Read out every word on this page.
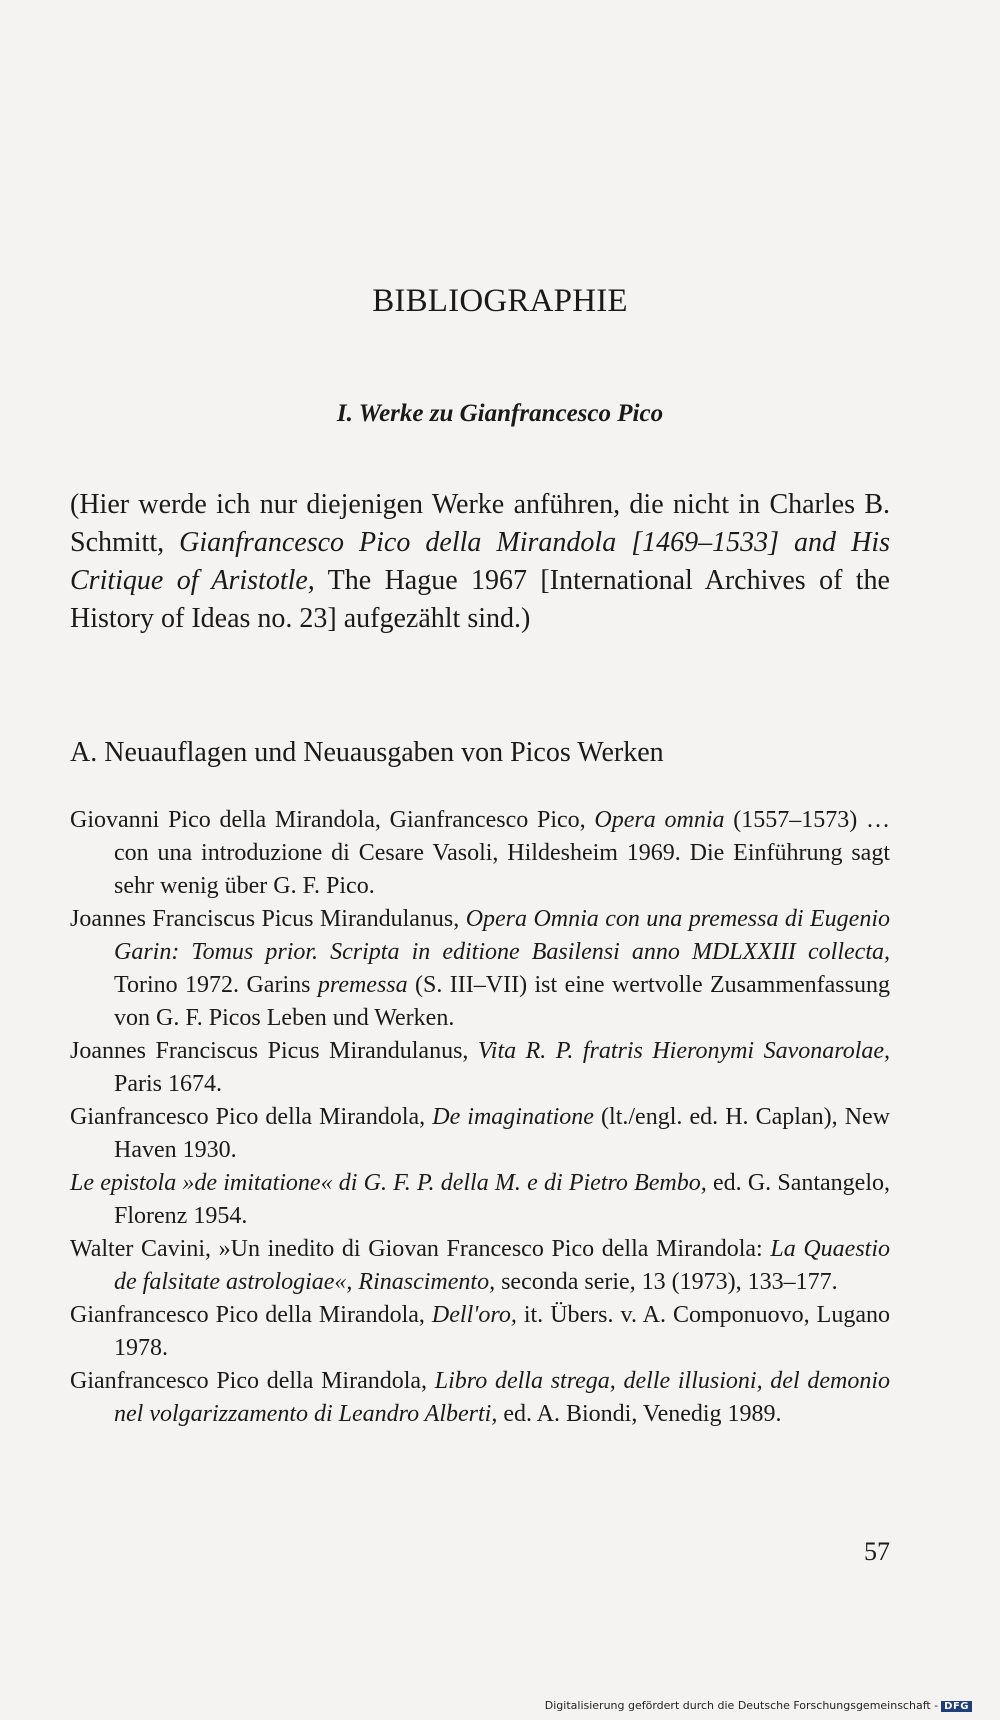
BIBLIOGRAPHIE
I. Werke zu Gianfrancesco Pico

(Hier werde ich nur diejenigen Werke anführen, die nicht in Charles B. Schmitt, Gianfrancesco Pico della Mirandola [1469–1533] and His Critique of Aristotle, The Hague 1967 [International Archives of the History of Ideas no. 23] aufgezählt sind.)

A. Neuauflagen und Neuausgaben von Picos Werken
Giovanni Pico della Mirandola, Gianfrancesco Pico, Opera omnia (1557–1573) … con una introduzione di Cesare Vasoli, Hildesheim 1969. Die Einführung sagt sehr wenig über G. F. Pico.
Joannes Franciscus Picus Mirandulanus, Opera Omnia con una premessa di Eugenio Garin: Tomus prior. Scripta in editione Basilensi anno MDLXXIII collecta, Torino 1972. Garins premessa (S. III–VII) ist eine wertvolle Zusammenfassung von G. F. Picos Leben und Werken.
Joannes Franciscus Picus Mirandulanus, Vita R. P. fratris Hieronymi Savonarolae, Paris 1674.
Gianfrancesco Pico della Mirandola, De imaginatione (lt./engl. ed. H. Caplan), New Haven 1930.
Le epistola »de imitatione« di G. F. P. della M. e di Pietro Bembo, ed. G. Santangelo, Florenz 1954.
Walter Cavini, »Un inedito di Giovan Francesco Pico della Mirandola: La Quaestio de falsitate astrologiae«, Rinascimento, seconda serie, 13 (1973), 133–177.
Gianfrancesco Pico della Mirandola, Dell'oro, it. Übers. v. A. Componuovo, Lugano 1978.
Gianfrancesco Pico della Mirandola, Libro della strega, delle illusioni, del demonio nel volgarizzamento di Leandro Alberti, ed. A. Biondi, Venedig 1989.
57
Digitalisierung gefördert durch die Deutsche Forschungsgemeinschaft - DFG
